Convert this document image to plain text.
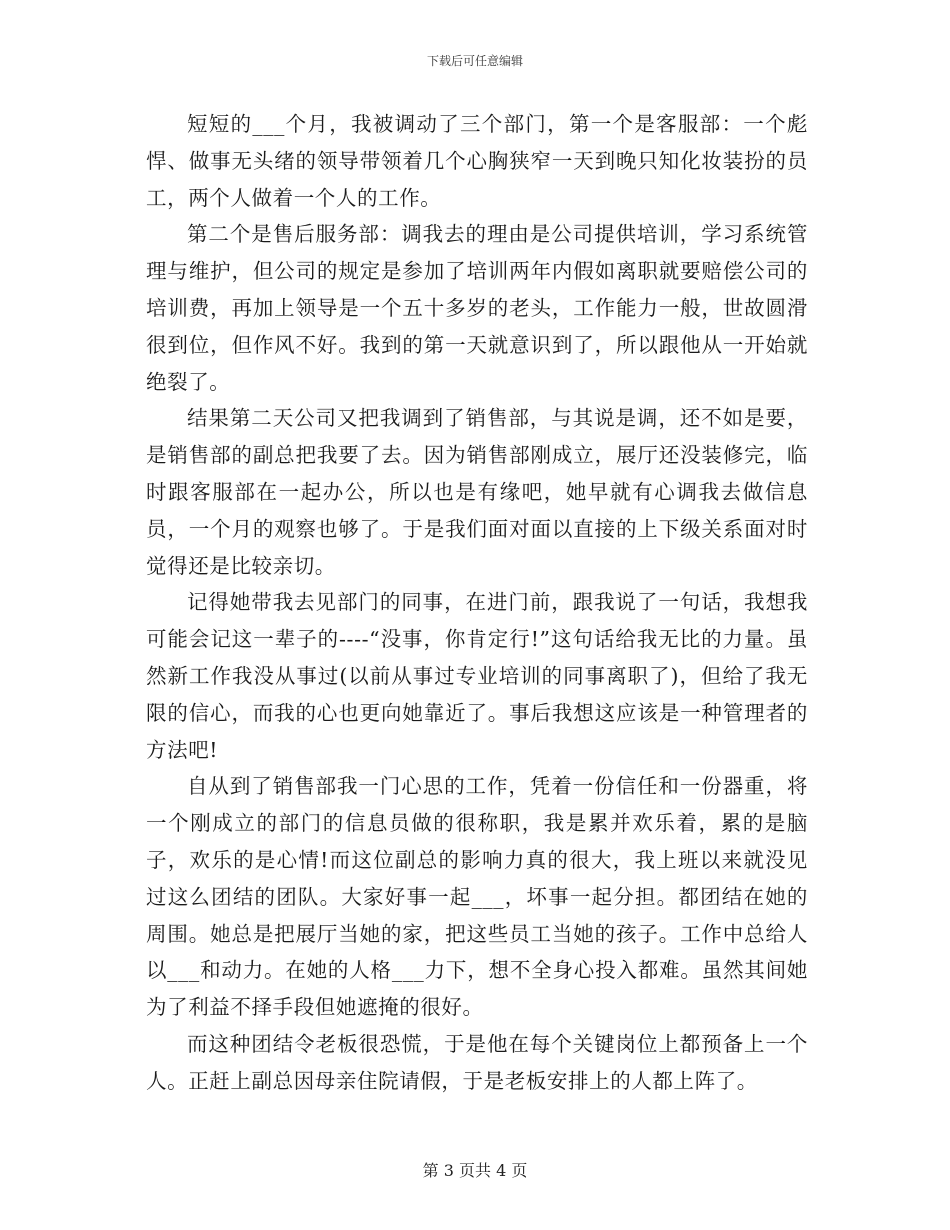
下载后可任意编辑

短短的___个月，我被调动了三个部门，第一个是客服部：一个彪悍、做事无头绪的领导带领着几个心胸狭窄一天到晚只知化妆装扮的员工，两个人做着一个人的工作。

第二个是售后服务部：调我去的理由是公司提供培训，学习系统管理与维护，但公司的规定是参加了培训两年内假如离职就要赔偿公司的培训费，再加上领导是一个五十多岁的老头，工作能力一般，世故圆滑很到位，但作风不好。我到的第一天就意识到了，所以跟他从一开始就绝裂了。

结果第二天公司又把我调到了销售部，与其说是调，还不如是要，是销售部的副总把我要了去。因为销售部刚成立，展厅还没装修完，临时跟客服部在一起办公，所以也是有缘吧，她早就有心调我去做信息员，一个月的观察也够了。于是我们面对面以直接的上下级关系面对时觉得还是比较亲切。

记得她带我去见部门的同事，在进门前，跟我说了一句话，我想我可能会记这一辈子的----“没事，你肯定行!”这句话给我无比的力量。虽然新工作我没从事过(以前从事过专业培训的同事离职了)，但给了我无限的信心，而我的心也更向她靠近了。事后我想这应该是一种管理者的方法吧!

自从到了销售部我一门心思的工作，凭着一份信任和一份器重，将一个刚成立的部门的信息员做的很称职，我是累并欢乐着，累的是脑子，欢乐的是心情!而这位副总的影响力真的很大，我上班以来就没见过这么团结的团队。大家好事一起___，坏事一起分担。都团结在她的周围。她总是把展厅当她的家，把这些员工当她的孩子。工作中总给人以___和动力。在她的人格___力下，想不全身心投入都难。虽然其间她为了利益不择手段但她遮掩的很好。

而这种团结令老板很恐慌，于是他在每个关键岗位上都预备上一个人。正赶上副总因母亲住院请假，于是老板安排上的人都上阵了。

第 3 页共 4 页
